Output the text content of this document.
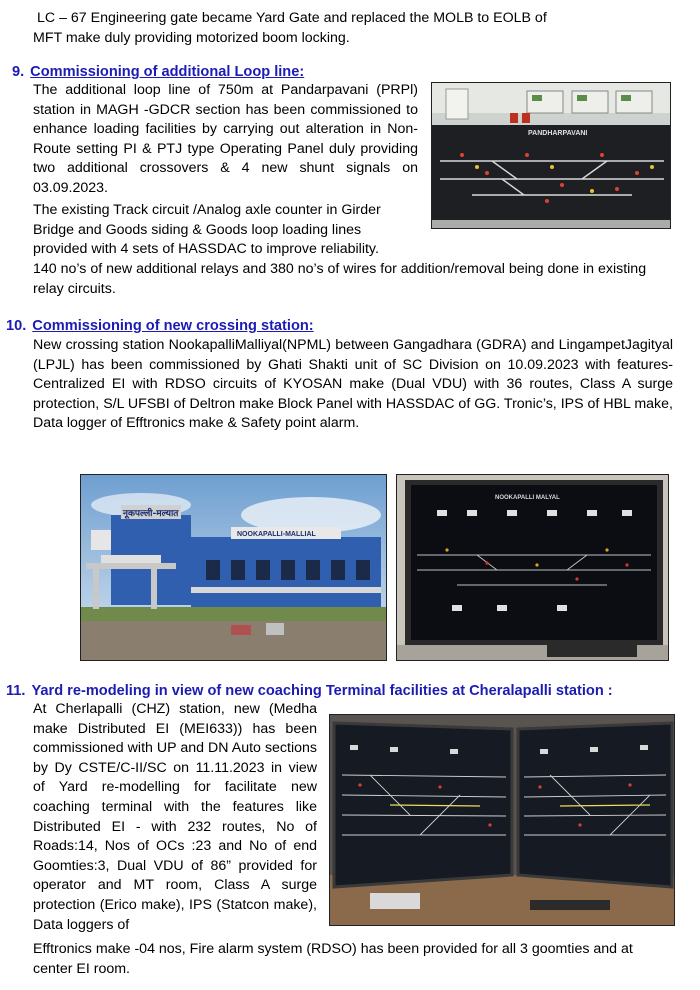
LC – 67 Engineering gate became Yard Gate and replaced the MOLB to EOLB of
MFT make duly providing motorized boom locking.
9. Commissioning of additional Loop line:

The additional loop line of 750m at Pandarpavani (PRPl) station in MAGH -GDCR section has been commissioned to enhance loading facilities by carrying out alteration in Non-Route setting PI & PTJ type Operating Panel duly providing two additional crossovers & 4 new shunt signals on 03.09.2023.

The existing Track circuit /Analog axle counter in Girder Bridge and Goods siding & Goods loop loading lines provided with 4 sets of HASSDAC to improve reliability.

140 no’s of new additional relays and 380 no’s of wires for addition/removal being done in existing relay circuits.

PANDHARPAVANI
10. Commissioning of new crossing station:

New crossing station NookapalliMalliyal(NPML) between Gangadhara (GDRA) and LingampetJagityal (LPJL) has been commissioned by Ghati Shakti unit of SC Division on 10.09.2023 with features- Centralized EI with RDSO circuits of KYOSAN make (Dual VDU) with 36 routes, Class A surge protection, S/L UFSBI of Deltron make Block Panel with HASSDAC of GG. Tronic’s, IPS of HBL make, Data logger of Efftronics make & Safety point alarm.

नूकपल्ली-मल्यात
NOOKAPALLI-MALLIAL
NOOKAPALLI MALYAL
11. Yard re-modeling in view of new coaching Terminal facilities at Cheralapalli station :

At Cherlapalli (CHZ) station, new (Medha make Distributed EI (MEI633)) has been commissioned with UP and DN Auto sections by Dy CSTE/C-II/SC on 11.11.2023 in view of Yard re-modelling for facilitate new coaching terminal with the features like Distributed EI - with 232 routes, No of Roads:14, Nos of OCs :23 and No of end Goomties:3, Dual VDU of 86” provided for operator and MT room, Class A surge protection (Erico make), IPS (Statcon make), Data loggers of

Efftronics make -04 nos, Fire alarm system (RDSO) has been provided for all 3 goomties and at center EI room.
